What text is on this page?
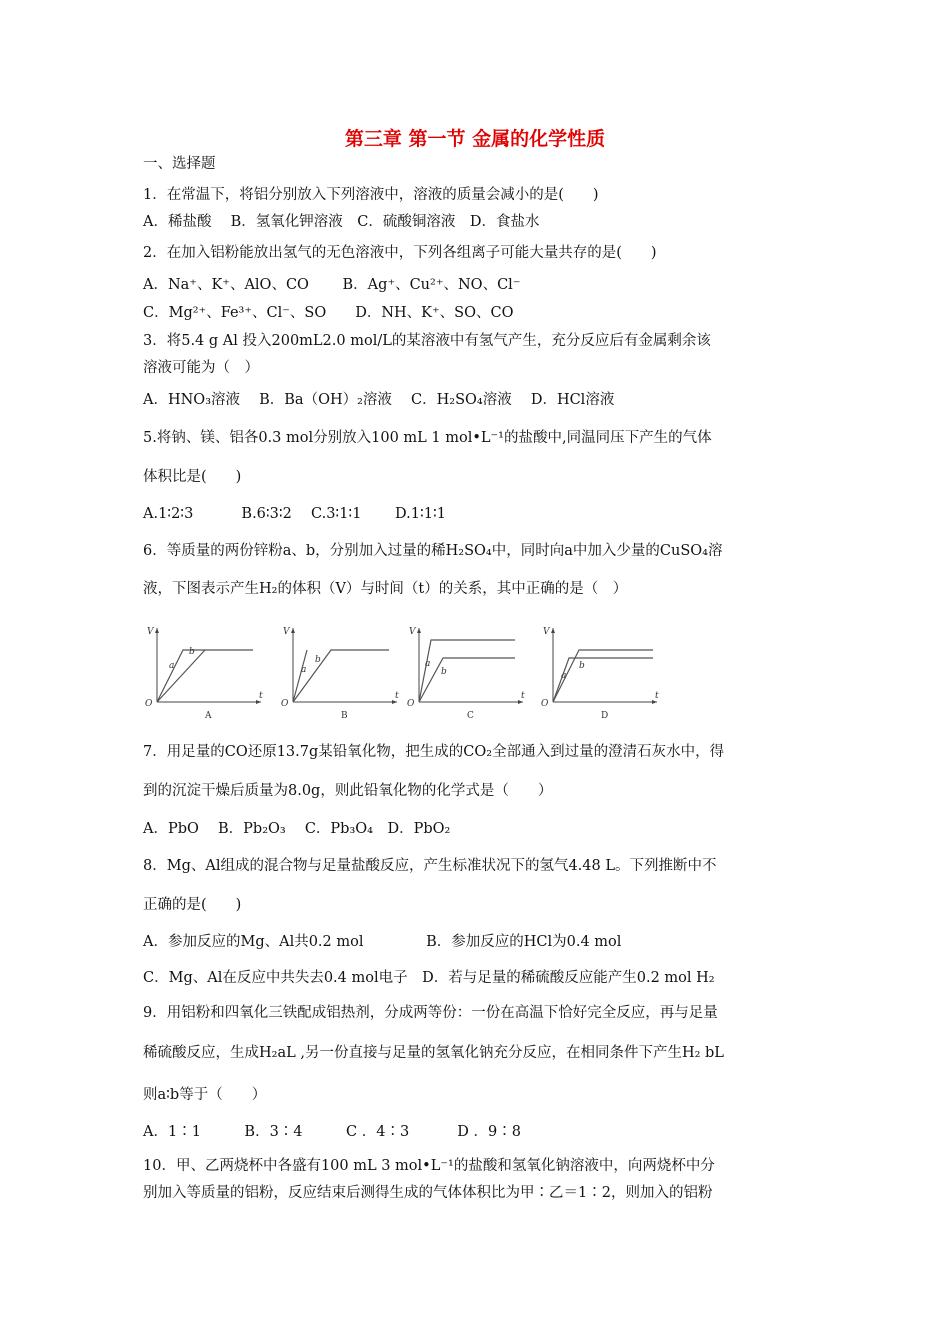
第三章 第一节 金属的化学性质
一、选择题
1．在常温下，将铝分别放入下列溶液中，溶液的质量会减小的是(　　)
A．稀盐酸　 B．氢氧化钾溶液　C．硫酸铜溶液　D．食盐水
2．在加入铝粉能放出氢气的无色溶液中，下列各组离子可能大量共存的是(　　)
A．Na⁺、K⁺、AlO、CO　　 B．Ag⁺、Cu²⁺、NO、Cl⁻
C．Mg²⁺、Fe³⁺、Cl⁻、SO　　D．NH、K⁺、SO、CO
3．将5.4 g Al 投入200mL2.0 mol/L的某溶液中有氢气产生，充分反应后有金属剩余该
溶液可能为（　）
A．HNO₃溶液　 B．Ba（OH）₂溶液　 C．H₂SO₄溶液　 D．HCl溶液
5.将钠、镁、铝各0.3 mol分别放入100 mL 1 mol•L⁻¹的盐酸中,同温同压下产生的气体
体积比是(　　)
A.1∶2∶3　　　 B.6∶3∶2　 C.3∶1∶1　　 D.1∶1∶1
6．等质量的两份锌粉a、b，分别加入过量的稀H₂SO₄中，同时向a中加入少量的CuSO₄溶
液，下图表示产生H₂的体积（V）与时间（t）的关系，其中正确的是（　）
V
t
O
A
a
b
V
t
O
B
b
a
V
t
O
C
a
b
V
t
O
D
a
b
7．用足量的CO还原13.7g某铅氧化物，把生成的CO₂全部通入到过量的澄清石灰水中，得
到的沉淀干燥后质量为8.0g，则此铅氧化物的化学式是（　　）
A．PbO　 B．Pb₂O₃　 C．Pb₃O₄　D．PbO₂
8．Mg、Al组成的混合物与足量盐酸反应，产生标准状况下的氢气4.48 L。下列推断中不
正确的是(　　)
A．参加反应的Mg、Al共0.2 mol　　　　 B．参加反应的HCl为0.4 mol
C．Mg、Al在反应中共失去0.4 mol电子　D．若与足量的稀硫酸反应能产生0.2 mol H₂
9．用铝粉和四氧化三铁配成铝热剂，分成两等份：一份在高温下恰好完全反应，再与足量
稀硫酸反应，生成H₂aL ,另一份直接与足量的氢氧化钠充分反应，在相同条件下产生H₂ bL
则a∶b等于（　　）
A．1∶1　　　B．3∶4　　　C ．4∶3　　　 D ．9∶8
10．甲、乙两烧杯中各盛有100 mL 3 mol•L⁻¹的盐酸和氢氧化钠溶液中，向两烧杯中分
别加入等质量的铝粉，反应结束后测得生成的气体体积比为甲∶乙＝1∶2，则加入的铝粉
